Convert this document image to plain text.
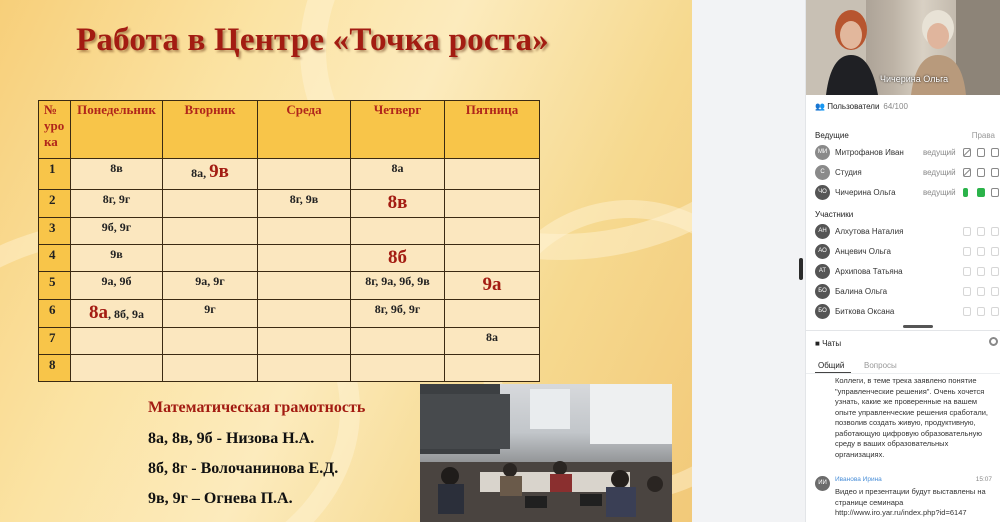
Работа в Центре «Точка роста»
№
уро
ка	Понедельник	Вторник	Среда	Четверг	Пятница
1	8в	8а, 9в		8а	
2	8г, 9г		8г, 9в	8в	
3	9б, 9г				
4	9в			8б	
5	9а, 9б	9а, 9г		8г, 9а, 9б, 9в	9а
6	8а, 8б, 9а	9г		8г, 9б, 9г	
7					8а
8					
Математическая грамотность
8а, 8в, 9б - Низова Н.А.
8б, 8г - Волочанинова Е.Д.
9в, 9г – Огнева П.А.
Чичерина Ольга
👥 Пользователи 64/100
Ведущие	Права
МИ Митрофанов Иван ведущий
С	Студия	ведущий
ЧО	Чичерина Ольга	ведущий
Участники
АН	Алхутова Наталия
АО	Анцевич Ольга
АТ	Архипова Татьяна
БО	Балина Ольга
БО	Биткова Оксана
■ Чаты
Общий Вопросы
Коллеги, в теме трека заявлено понятие "управленческие решения". Очень хочется узнать, какие же проверенные на вашем опыте управленческие решения сработали, позволив создать живую, продуктивную, работающую цифровую образовательную среду в ваших образовательных организациях.
ИИ	Иванова Ирина	15:07
Видео и презентации будут выставлены на странице семинара http://www.iro.yar.ru/index.php?id=6147
